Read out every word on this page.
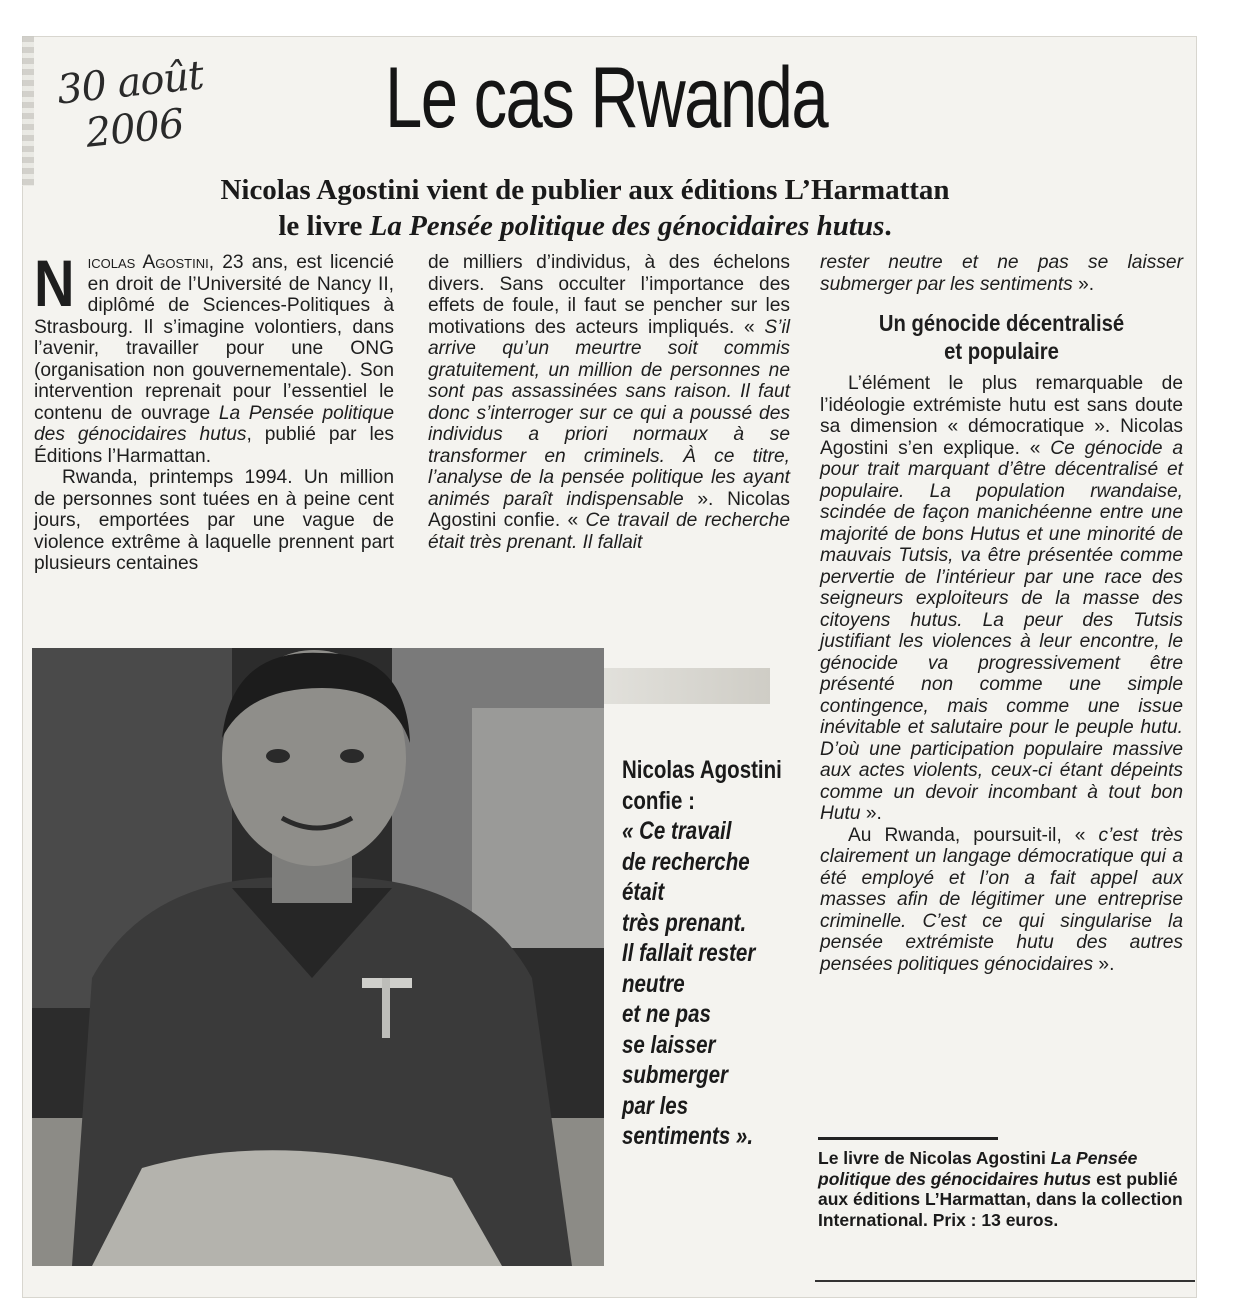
30 août
2006	Le cas Rwanda
Nicolas Agostini vient de publier aux éditions L’Harmattan
le livre La Pensée politique des génocidaires hutus.

Nicolas Agostini, 23 ans, est licencié en droit de l’Université de Nancy II, diplômé de Sciences-Politiques à Strasbourg. Il s’imagine volontiers, dans l’avenir, travailler pour une ONG (organisation non gouvernementale). Son intervention reprenait pour l’essentiel le contenu de ouvrage La Pensée politique des génocidaires hutus, publié par les Éditions l’Harmattan.

Rwanda, printemps 1994. Un million de personnes sont tuées en à peine cent jours, emportées par une vague de violence extrême à laquelle prennent part plusieurs centaines

de milliers d’individus, à des échelons divers. Sans occulter l’importance des effets de foule, il faut se pencher sur les motivations des acteurs impliqués. « S’il arrive qu’un meurtre soit commis gratuitement, un million de personnes ne sont pas assassinées sans raison. Il faut donc s’interroger sur ce qui a poussé des individus a priori normaux à se transformer en criminels. À ce titre, l’analyse de la pensée politique les ayant animés paraît indispensable ». Nicolas Agostini confie. « Ce travail de recherche était très prenant. Il fallait

rester neutre et ne pas se laisser submerger par les sentiments ».

Un génocide décentralisé
et populaire

L’élément le plus remarquable de l’idéologie extrémiste hutu est sans doute sa dimension « démocratique ». Nicolas Agostini s’en explique. « Ce génocide a pour trait marquant d’être décentralisé et populaire. La population rwandaise, scindée de façon manichéenne entre une majorité de bons Hutus et une minorité de mauvais Tutsis, va être présentée comme pervertie de l’intérieur par une race des seigneurs exploiteurs de la masse des citoyens hutus. La peur des Tutsis justifiant les violences à leur encontre, le génocide va progressivement être présenté non comme une simple contingence, mais comme une issue inévitable et salutaire pour le peuple hutu. D’où une participation populaire massive aux actes violents, ceux-ci étant dépeints comme un devoir incombant à tout bon Hutu ».

Au Rwanda, poursuit-il, « c’est très clairement un langage démocratique qui a été employé et l’on a fait appel aux masses afin de légitimer une entreprise criminelle. C’est ce qui singularise la pensée extrémiste hutu des autres pensées politiques génocidaires ».

Nicolas Agostini
confie :
« Ce travail
de recherche
était
très prenant.
Il fallait rester
neutre
et ne pas
se laisser
submerger
par les
sentiments ».
Le livre de Nicolas Agostini La Pensée politique des génocidaires hutus est publié aux éditions L’Harmattan, dans la collection International. Prix : 13 euros.
